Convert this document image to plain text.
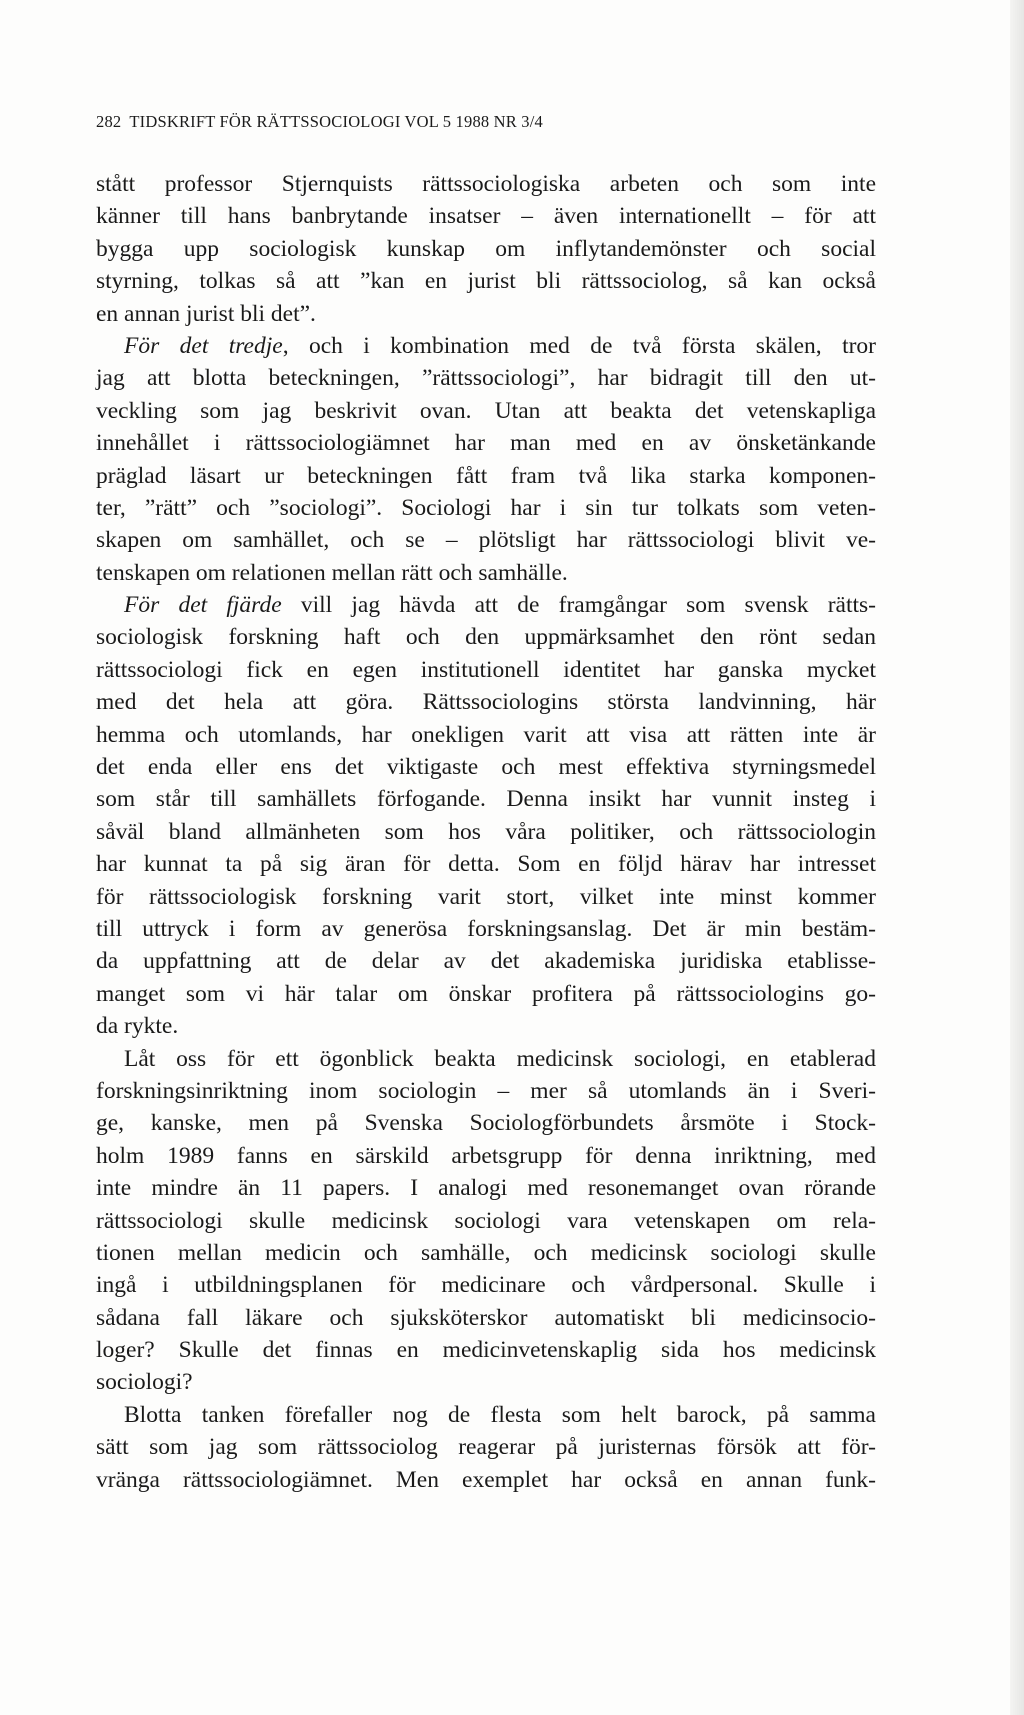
282 TIDSKRIFT FÖR RÄTTSSOCIOLOGI VOL 5 1988 NR 3/4
stått professor Stjernquists rättssociologiska arbeten och som inte
känner till hans banbrytande insatser – även internationellt – för att
bygga upp sociologisk kunskap om inflytandemönster och social
styrning, tolkas så att ”kan en jurist bli rättssociolog, så kan också
en annan jurist bli det”.
För det tredje, och i kombination med de två första skälen, tror
jag att blotta beteckningen, ”rättssociologi”, har bidragit till den ut-
veckling som jag beskrivit ovan. Utan att beakta det vetenskapliga
innehållet i rättssociologiämnet har man med en av önsketänkande
präglad läsart ur beteckningen fått fram två lika starka komponen-
ter, ”rätt” och ”sociologi”. Sociologi har i sin tur tolkats som veten-
skapen om samhället, och se – plötsligt har rättssociologi blivit ve-
tenskapen om relationen mellan rätt och samhälle.
För det fjärde vill jag hävda att de framgångar som svensk rätts-
sociologisk forskning haft och den uppmärksamhet den rönt sedan
rättssociologi fick en egen institutionell identitet har ganska mycket
med det hela att göra. Rättssociologins största landvinning, här
hemma och utomlands, har onekligen varit att visa att rätten inte är
det enda eller ens det viktigaste och mest effektiva styrningsmedel
som står till samhällets förfogande. Denna insikt har vunnit insteg i
såväl bland allmänheten som hos våra politiker, och rättssociologin
har kunnat ta på sig äran för detta. Som en följd härav har intresset
för rättssociologisk forskning varit stort, vilket inte minst kommer
till uttryck i form av generösa forskningsanslag. Det är min bestäm-
da uppfattning att de delar av det akademiska juridiska etablisse-
manget som vi här talar om önskar profitera på rättssociologins go-
da rykte.
Låt oss för ett ögonblick beakta medicinsk sociologi, en etablerad
forskningsinriktning inom sociologin – mer så utomlands än i Sveri-
ge, kanske, men på Svenska Sociologförbundets årsmöte i Stock-
holm 1989 fanns en särskild arbetsgrupp för denna inriktning, med
inte mindre än 11 papers. I analogi med resonemanget ovan rörande
rättssociologi skulle medicinsk sociologi vara vetenskapen om rela-
tionen mellan medicin och samhälle, och medicinsk sociologi skulle
ingå i utbildningsplanen för medicinare och vårdpersonal. Skulle i
sådana fall läkare och sjuksköterskor automatiskt bli medicinsocio-
loger? Skulle det finnas en medicinvetenskaplig sida hos medicinsk
sociologi?
Blotta tanken förefaller nog de flesta som helt barock, på samma
sätt som jag som rättssociolog reagerar på juristernas försök att för-
vränga rättssociologiämnet. Men exemplet har också en annan funk-
